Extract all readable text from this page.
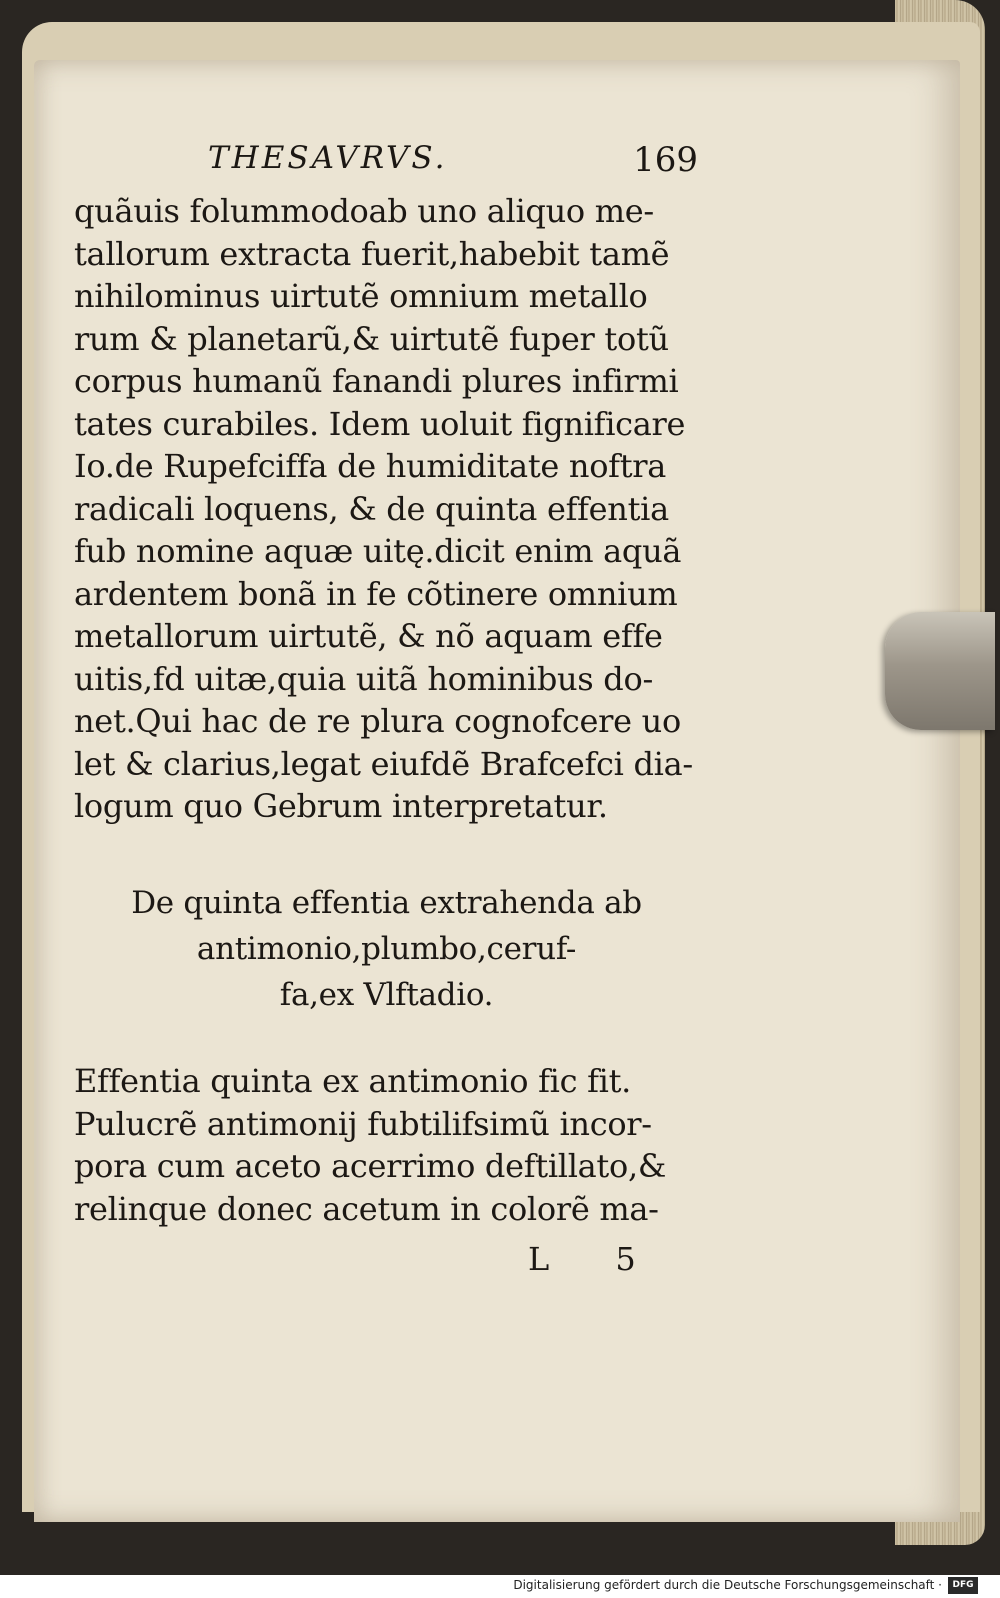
THESAVRVS.	169
quãuis folummodoab uno aliquo me-
tallorum extracta fuerit,habebit tamẽ
nihilominus uirtutẽ omnium metallo
rum & planetarũ,& uirtutẽ fuper totũ
corpus humanũ fanandi plures infirmi
tates curabiles. Idem uoluit fignificare
Io.de Rupefciffa de humiditate noftra
radicali loquens, & de quinta effentia
fub nomine aquæ uitę.dicit enim aquã
ardentem bonã in fe cõtinere omnium
metallorum uirtutẽ, & nõ aquam effe
uitis,fd uitæ,quia uitã hominibus do-
net.Qui hac de re plura cognofcere uo
let & clarius,legat eiufdẽ Brafcefci dia-
logum quo Gebrum interpretatur.
De quinta effentia extrahenda ab
antimonio,plumbo,ceruf-
fa,ex Vlftadio.
Effentia quinta ex antimonio fic fit.
Pulucrẽ antimonij fubtilifsimũ incor-
pora cum aceto acerrimo deftillato,&
relinque donec acetum in colorẽ ma-
L 5
Digitalisierung gefördert durch die Deutsche Forschungsgemeinschaft ·	DFG
